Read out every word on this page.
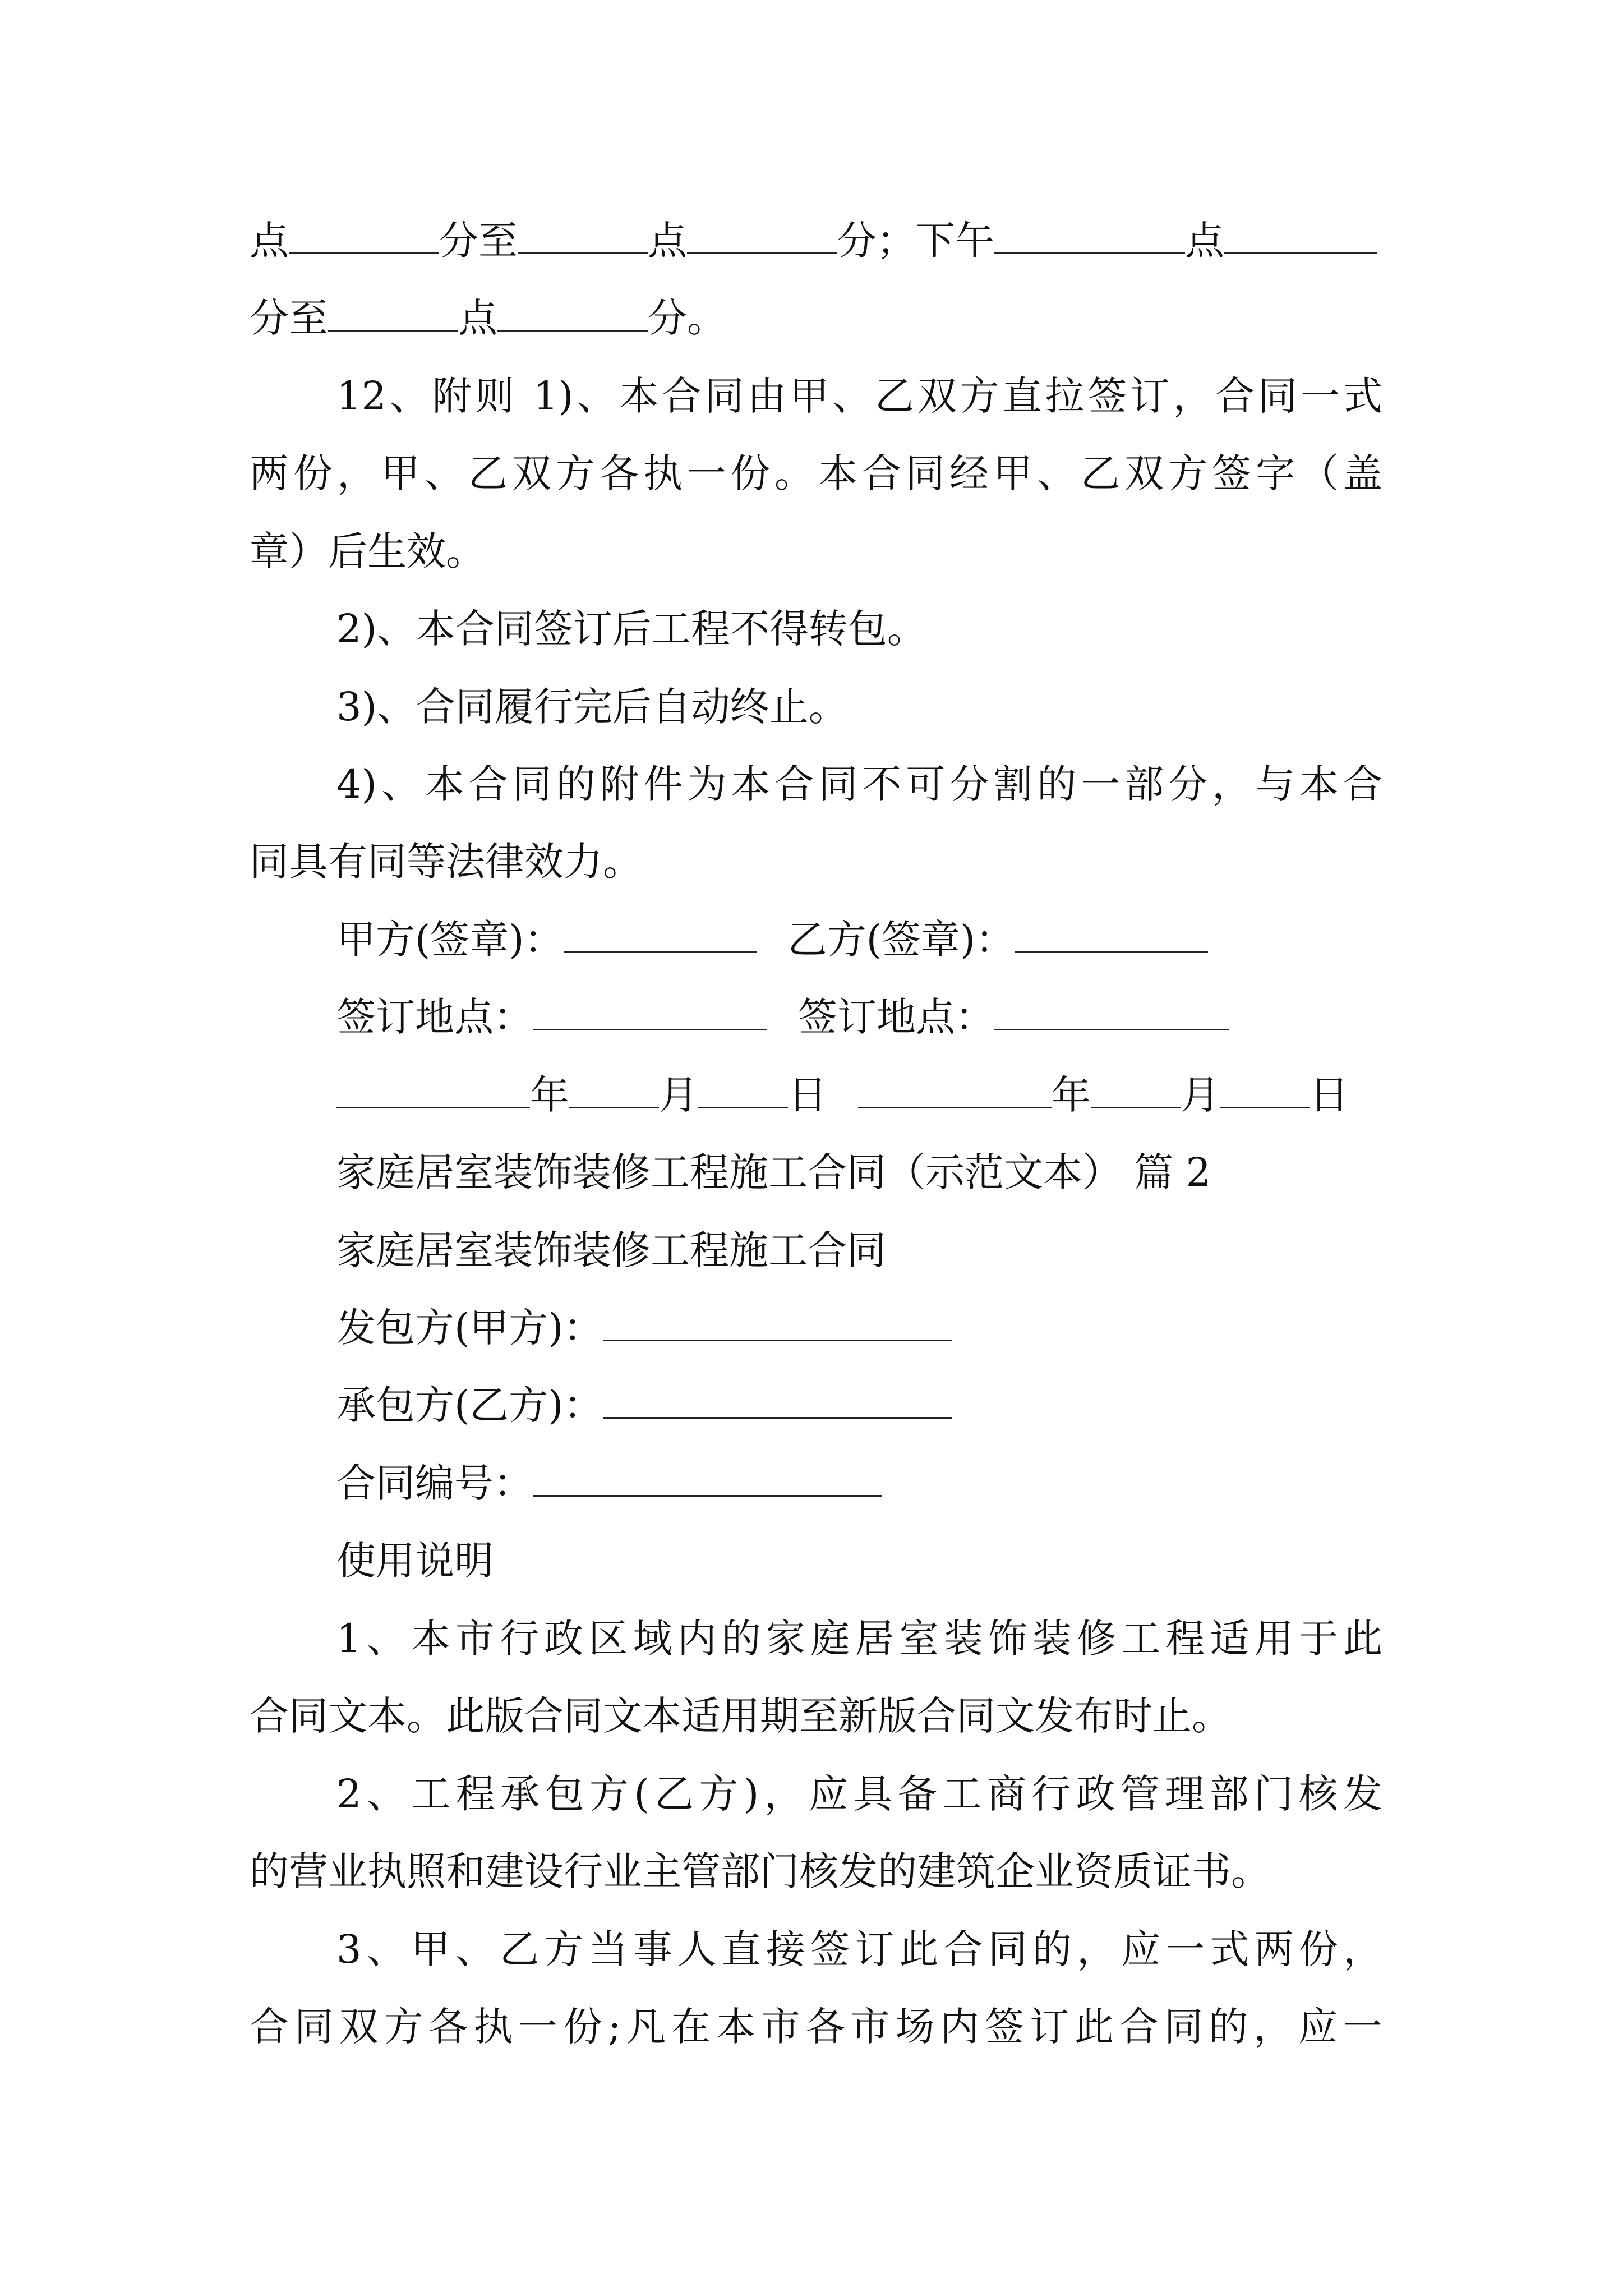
点	分至	点	分；下午	点
分至	点	分。
12、附则 1)、本合同由甲、乙双方直拉签订，合同一式
两份，甲、乙双方各执一份。本合同经甲、乙双方签字（盖
章）后生效。
2)、本合同签订后工程不得转包。
3)、合同履行完后自动终止。
4)、本合同的附件为本合同不可分割的一部分，与本合
同具有同等法律效力。
甲方(签章)：	乙方(签章)：
签订地点：	签订地点：
年 月 日	年 月 日
家庭居室装饰装修工程施工合同（示范文本） 篇 2
家庭居室装饰装修工程施工合同
发包方(甲方)：
承包方(乙方)：
合同编号：
使用说明
1、本市行政区域内的家庭居室装饰装修工程适用于此
合同文本。此版合同文本适用期至新版合同文发布时止。
2、工程承包方(乙方)，应具备工商行政管理部门核发
的营业执照和建设行业主管部门核发的建筑企业资质证书。
3、甲、乙方当事人直接签订此合同的，应一式两份，
合同双方各执一份;凡在本市各市场内签订此合同的，应一
